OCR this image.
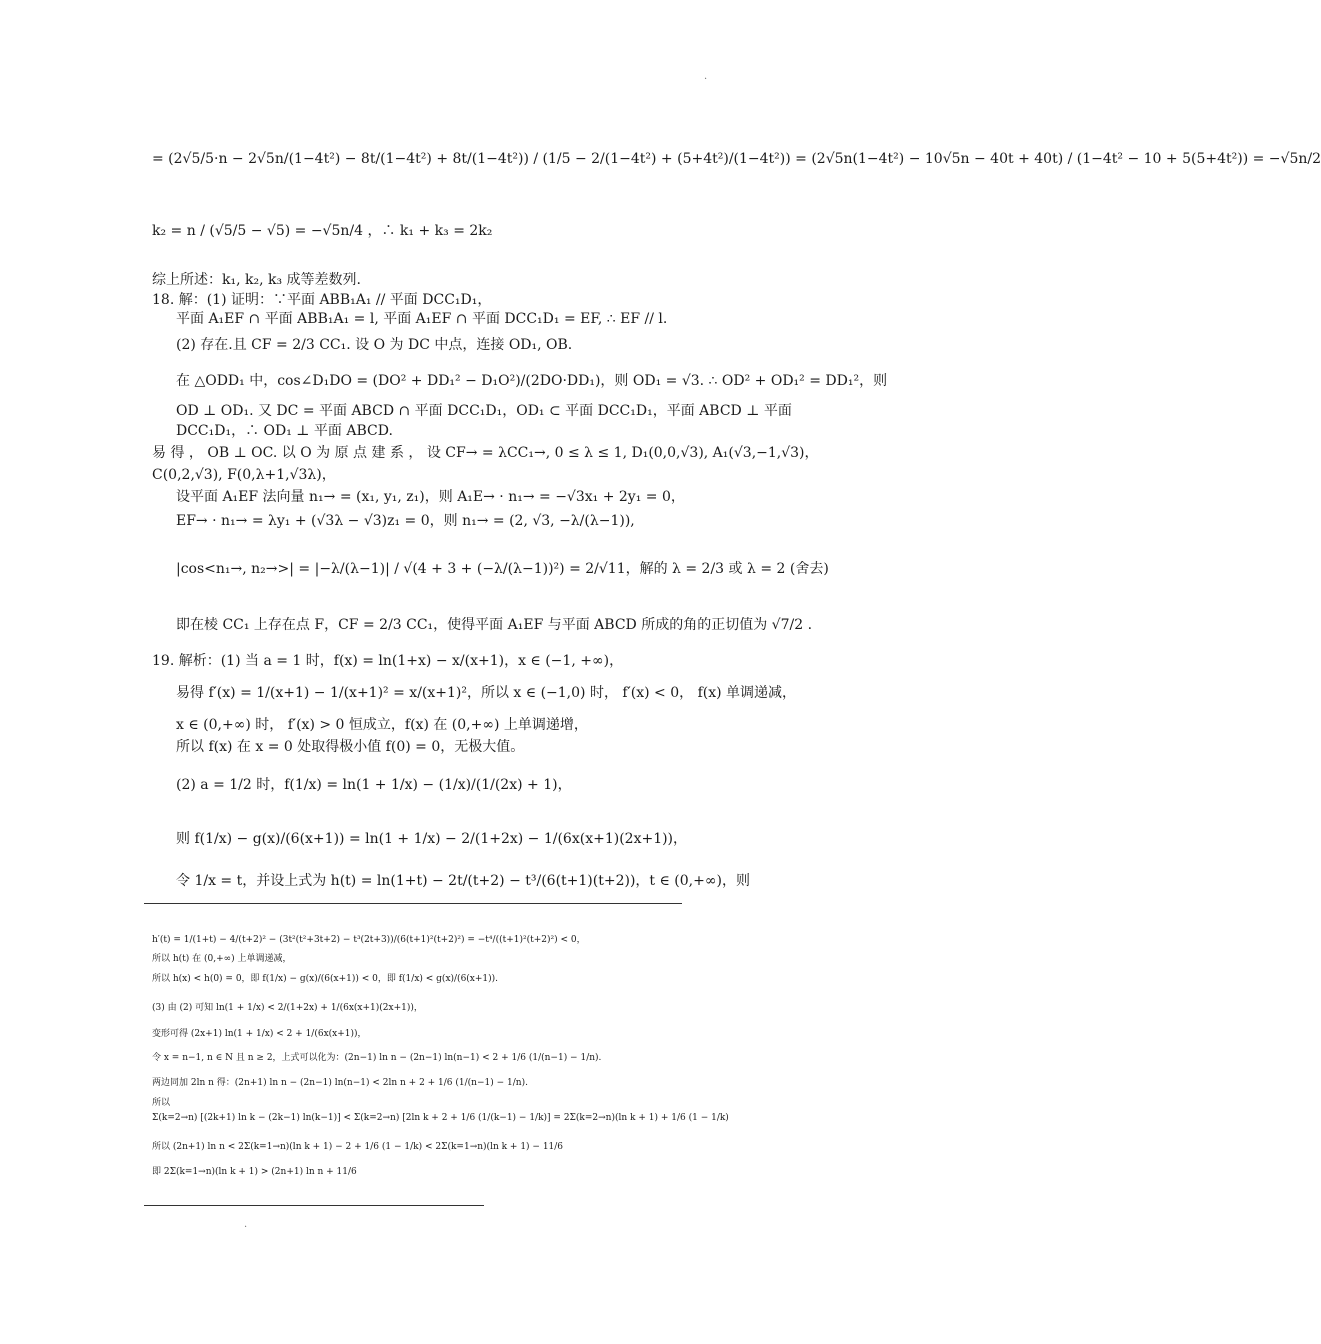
·
= (2√5/5·n − 2√5n/(1−4t²) − 8t/(1−4t²) + 8t/(1−4t²)) / (1/5 − 2/(1−4t²) + (5+4t²)/(1−4t²)) = (2√5n(1−4t²) − 10√5n − 40t + 40t) / (1−4t² − 10 + 5(5+4t²)) = −√5n/2
k₂ = n / (√5/5 − √5) = −√5n/4 ，∴ k₁ + k₃ = 2k₂
综上所述：k₁, k₂, k₃ 成等差数列.
18. 解：(1) 证明：∵平面 ABB₁A₁ // 平面 DCC₁D₁，
平面 A₁EF ∩ 平面 ABB₁A₁ = l, 平面 A₁EF ∩ 平面 DCC₁D₁ = EF, ∴ EF // l.
(2) 存在.且 CF = 2/3 CC₁. 设 O 为 DC 中点，连接 OD₁, OB.
在 △ODD₁ 中，cos∠D₁DO = (DO² + DD₁² − D₁O²)/(2DO·DD₁)，则 OD₁ = √3. ∴ OD² + OD₁² = DD₁²，则
OD ⊥ OD₁. 又 DC = 平面 ABCD ∩ 平面 DCC₁D₁，OD₁ ⊂ 平面 DCC₁D₁，平面 ABCD ⊥ 平面
DCC₁D₁，∴ OD₁ ⊥ 平面 ABCD.
易 得 ， OB ⊥ OC. 以 O 为 原 点 建 系 ， 设 CF→ = λCC₁→, 0 ≤ λ ≤ 1, D₁(0,0,√3), A₁(√3,−1,√3)，
C(0,2,√3), F(0,λ+1,√3λ)，
设平面 A₁EF 法向量 n₁→ = (x₁, y₁, z₁)，则 A₁E→ · n₁→ = −√3x₁ + 2y₁ = 0，
EF→ · n₁→ = λy₁ + (√3λ − √3)z₁ = 0，则 n₁→ = (2, √3, −λ/(λ−1)),
|cos<n₁→, n₂→>| = |−λ/(λ−1)| / √(4 + 3 + (−λ/(λ−1))²) = 2/√11，解的 λ = 2/3 或 λ = 2 (舍去)
即在棱 CC₁ 上存在点 F，CF = 2/3 CC₁，使得平面 A₁EF 与平面 ABCD 所成的角的正切值为 √7/2 .
19. 解析：(1) 当 a = 1 时，f(x) = ln(1+x) − x/(x+1)，x ∈ (−1, +∞)，
易得 f′(x) = 1/(x+1) − 1/(x+1)² = x/(x+1)²，所以 x ∈ (−1,0) 时， f′(x) < 0， f(x) 单调递减，
x ∈ (0,+∞) 时， f′(x) > 0 恒成立，f(x) 在 (0,+∞) 上单调递增，
所以 f(x) 在 x = 0 处取得极小值 f(0) = 0，无极大值。
(2) a = 1/2 时，f(1/x) = ln(1 + 1/x) − (1/x)/(1/(2x) + 1)，
则 f(1/x) − g(x)/(6(x+1)) = ln(1 + 1/x) − 2/(1+2x) − 1/(6x(x+1)(2x+1))，
令 1/x = t，并设上式为 h(t) = ln(1+t) − 2t/(t+2) − t³/(6(t+1)(t+2))，t ∈ (0,+∞)，则
h′(t) = 1/(1+t) − 4/(t+2)² − (3t²(t²+3t+2) − t³(2t+3))/(6(t+1)²(t+2)²) = −t⁴/((t+1)²(t+2)²) < 0，
所以 h(t) 在 (0,+∞) 上单调递减，
所以 h(x) < h(0) = 0，即 f(1/x) − g(x)/(6(x+1)) < 0，即 f(1/x) < g(x)/(6(x+1)).
(3) 由 (2) 可知 ln(1 + 1/x) < 2/(1+2x) + 1/(6x(x+1)(2x+1))，
变形可得 (2x+1) ln(1 + 1/x) < 2 + 1/(6x(x+1))，
令 x = n−1, n ∈ N 且 n ≥ 2，上式可以化为：(2n−1) ln n − (2n−1) ln(n−1) < 2 + 1/6 (1/(n−1) − 1/n).
两边同加 2ln n 得：(2n+1) ln n − (2n−1) ln(n−1) < 2ln n + 2 + 1/6 (1/(n−1) − 1/n).
所以
Σ(k=2→n) [(2k+1) ln k − (2k−1) ln(k−1)] < Σ(k=2→n) [2ln k + 2 + 1/6 (1/(k−1) − 1/k)] = 2Σ(k=2→n)(ln k + 1) + 1/6 (1 − 1/k)
所以 (2n+1) ln n < 2Σ(k=1→n)(ln k + 1) − 2 + 1/6 (1 − 1/k) < 2Σ(k=1→n)(ln k + 1) − 11/6
即 2Σ(k=1→n)(ln k + 1) > (2n+1) ln n + 11/6
·
